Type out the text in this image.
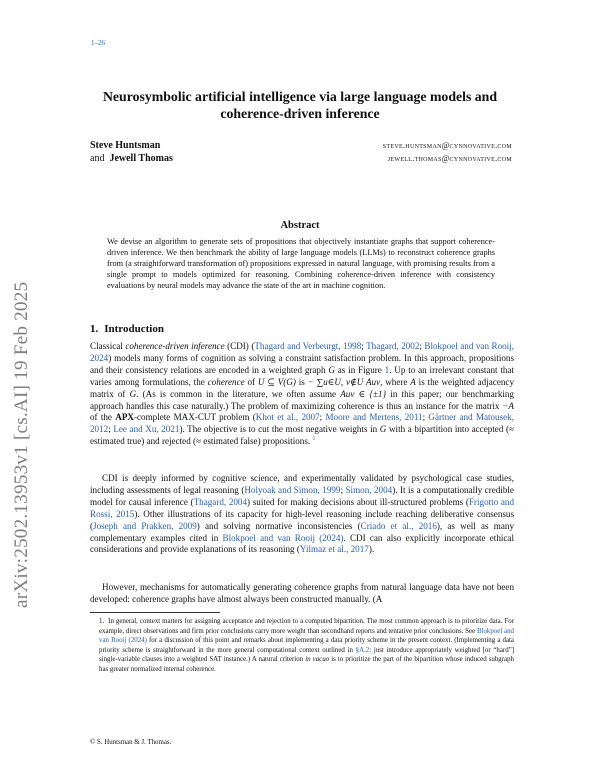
1–26
arXiv:2502.13953v1 [cs.AI] 19 Feb 2025
Neurosymbolic artificial intelligence via large language models and coherence-driven inference
Steve Huntsman	steve.huntsman@cynnovative.com
and Jewell Thomas	jewell.thomas@cynnovative.com
Abstract

We devise an algorithm to generate sets of propositions that objectively instantiate graphs that support coherence-driven inference. We then benchmark the ability of large language models (LLMs) to reconstruct coherence graphs from (a straightforward transformation of) propositions expressed in natural language, with promising results from a single prompt to models optimized for reasoning. Combining coherence-driven inference with consistency evaluations by neural models may advance the state of the art in machine cognition.

1. Introduction

Classical coherence-driven inference (CDI) (Thagard and Verbeurgt, 1998; Thagard, 2002; Blokpoel and van Rooij, 2024) models many forms of cognition as solving a constraint satisfaction problem. In this approach, propositions and their consistency relations are encoded in a weighted graph G as in Figure 1. Up to an irrelevant constant that varies among formulations, the coherence of U ⊆ V(G) is − ∑u∈U, v∉U Auv, where A is the weighted adjacency matrix of G. (As is common in the literature, we often assume Auv ∈ {±1} in this paper; our benchmarking approach handles this case naturally.) The problem of maximizing coherence is thus an instance for the matrix −A of the APX-complete MAX-CUT problem (Khot et al., 2007; Moore and Mertens, 2011; Gärtner and Matousek, 2012; Lee and Xu, 2021). The objective is to cut the most negative weights in G with a bipartition into accepted (≈ estimated true) and rejected (≈ estimated false) propositions. $^1$

CDI is deeply informed by cognitive science, and experimentally validated by psychological case studies, including assessments of legal reasoning (Holyoak and Simon, 1999; Simon, 2004). It is a computationally credible model for causal inference (Thagard, 2004) suited for making decisions about ill-structured problems (Frigotto and Rossi, 2015). Other illustrations of its capacity for high-level reasoning include reaching deliberative consensus (Joseph and Prakken, 2009) and solving normative inconsistencies (Criado et al., 2016), as well as many complementary examples cited in Blokpoel and van Rooij (2024). CDI can also explicitly incorporate ethical considerations and provide explanations of its reasoning (Yilmaz et al., 2017).

However, mechanisms for automatically generating coherence graphs from natural language data have not been developed: coherence graphs have almost always been constructed manually. (A

1. In general, context matters for assigning acceptance and rejection to a computed bipartition. The most common approach is to prioritize data. For example, direct observations and firm prior conclusions carry more weight than secondhand reports and tentative prior conclusions. See Blokpoel and van Rooij (2024) for a discussion of this point and remarks about implementing a data priority scheme in the present context. (Implementing a data priority scheme is straightforward in the more general computational context outlined in §A.2: just introduce appropriately weighted [or “hard”] single-variable clauses into a weighted SAT instance.) A natural criterion in vacuo is to prioritize the part of the bipartition whose induced subgraph has greater normalized internal coherence.

© S. Huntsman & J. Thomas.
